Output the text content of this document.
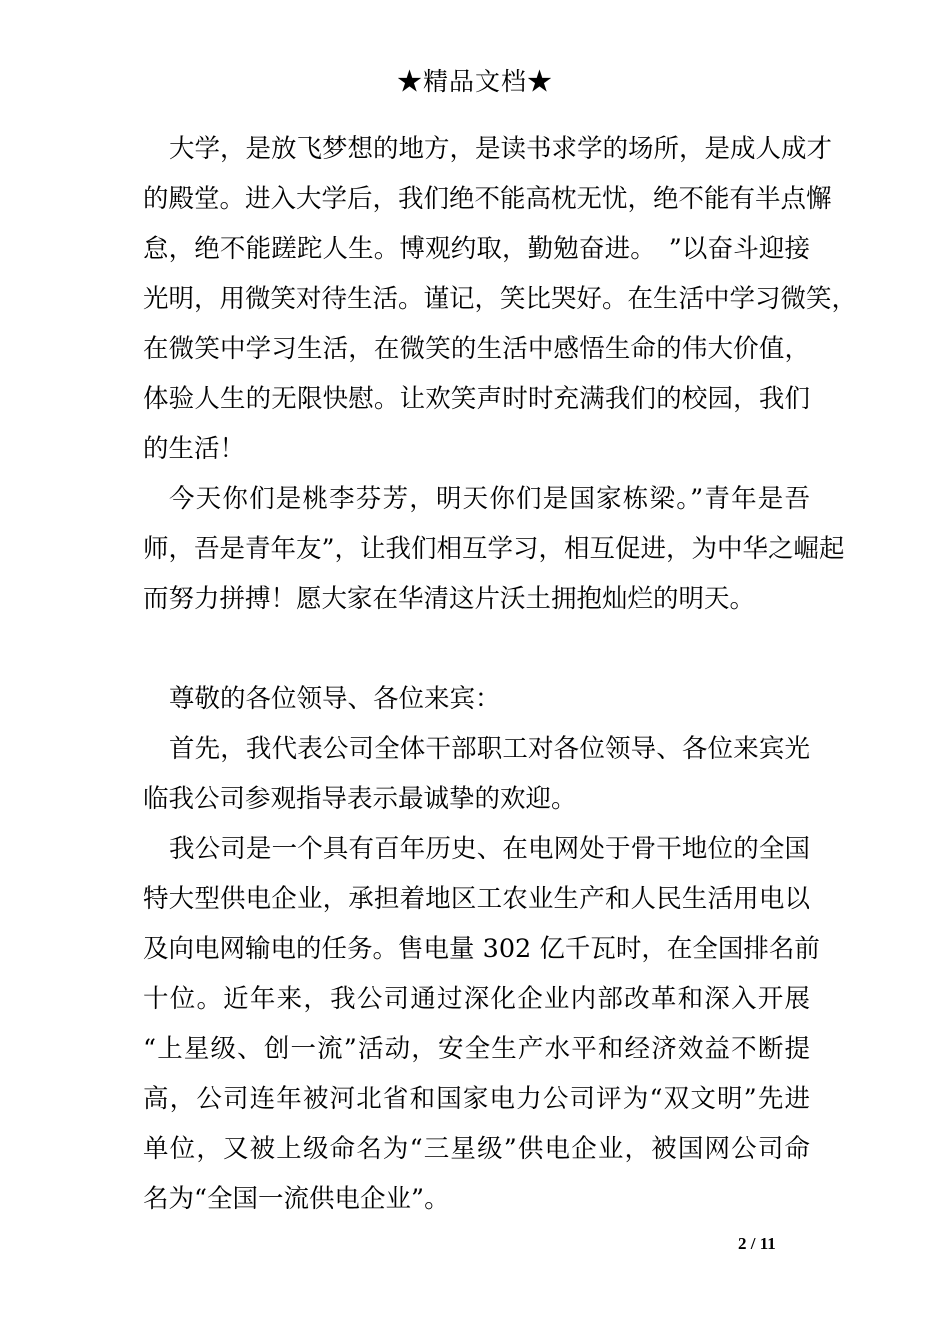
★精品文档★
大学，是放飞梦想的地方，是读书求学的场所，是成人成才
的殿堂。进入大学后，我们绝不能高枕无忧，绝不能有半点懈
怠，绝不能蹉跎人生。博观约取，勤勉奋进。　”以奋斗迎接
光明，用微笑对待生活。谨记，笑比哭好。在生活中学习微笑，
在微笑中学习生活，在微笑的生活中感悟生命的伟大价值，
体验人生的无限快慰。让欢笑声时时充满我们的校园，我们
的生活！
今天你们是桃李芬芳，明天你们是国家栋梁。”青年是吾
师，吾是青年友”，让我们相互学习，相互促进，为中华之崛起
而努力拼搏！愿大家在华清这片沃土拥抱灿烂的明天。
尊敬的各位领导、各位来宾：
首先，我代表公司全体干部职工对各位领导、各位来宾光
临我公司参观指导表示最诚挚的欢迎。
我公司是一个具有百年历史、在电网处于骨干地位的全国
特大型供电企业，承担着地区工农业生产和人民生活用电以
及向电网输电的任务。售电量 302 亿千瓦时，在全国排名前
十位。近年来，我公司通过深化企业内部改革和深入开展
“上星级、创一流”活动，安全生产水平和经济效益不断提
高，公司连年被河北省和国家电力公司评为“双文明”先进
单位，又被上级命名为“三星级”供电企业，被国网公司命
名为“全国一流供电企业”。
2 / 11
